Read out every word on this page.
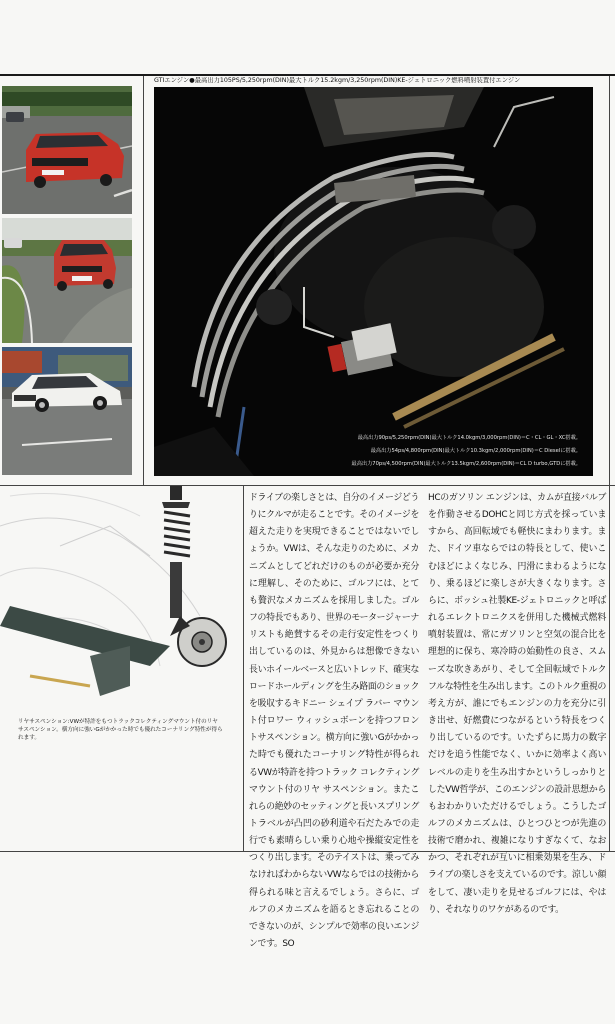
GTIエンジン●最高出力105PS/5,250rpm(DIN)最大トルク15.2kgm/3,250rpm(DIN)KE-ジェトロニック燃料噴射装置付エンジン
最高出力90ps/5,250rpm(DIN)最大トルク14.0kgm/3,000rpm(DIN)＝C・CL・GL・XC搭載。
最高出力54ps/4,800rpm(DIN)最大トルク10.3kgm/2,000rpm(DIN)＝C Dieselに搭載。
最高出力70ps/4,500rpm(DIN)最大トルク13.5kgm/2,600rpm(DIN)＝CL D turbo,GTDに搭載。
リヤサスペンション:VWが特許をもつトラックコレクティングマウント付のリヤサスペンション。横方向に強いGがかかった時でも優れたコーナリング特性が得られます。
ドライブの楽しさとは、自分のイメージどうりにクルマが走ることです。そのイメージを超えた走りを実現できることではないでしょうか。VWは、そんな走りのために、メカニズムとしてどれだけのものが必要か充分に理解し、そのために、ゴルフには、とても贅沢なメカニズムを採用しました。ゴルフの特長でもあり、世界のモータージャーナリストも絶賛するその走行安定性をつくり出しているのは、外見からは想像できない長いホイールベースと広いトレッド、確実なロードホールディングを生み路面のショックを吸収するキドニー シェイプ ラバー マウント付ロワー ウィッシュボーンを持つフロントサスペンション。横方向に強いGがかかった時でも優れたコーナリング特性が得られるVWが特許を持つトラック コレクティング マウント付のリヤ サスペンション。またこれらの絶妙のセッティングと長いスプリングトラベルが凸凹の砂利道や石だたみでの走行でも素晴らしい乗り心地や操縦安定性をつくり出します。そのテイストは、乗ってみなければわからないVWならではの技術から得られる味と言えるでしょう。さらに、ゴルフのメカニズムを語るとき忘れることのできないのが、シンプルで効率の良いエンジンです。SO
HCのガソリン エンジンは、カムが直接バルブを作動させるDOHCと同じ方式を採っていますから、高回転域でも軽快にまわります。また、ドイツ車ならではの特長として、使いこむほどによくなじみ、円滑にまわるようになり、乗るほどに楽しさが大きくなります。さらに、ボッシュ社製KE-ジェトロニックと呼ばれるエレクトロニクスを併用した機械式燃料噴射装置は、常にガソリンと空気の混合比を理想的に保ち、寒冷時の始動性の良さ、スムーズな吹きあがり、そして全回転域でトルクフルな特性を生み出します。このトルク重視の考え方が、誰にでもエンジンの力を充分に引き出せ、好燃費につながるという特長をつくり出しているのです。いたずらに馬力の数字だけを追う性能でなく、いかに効率よく高いレベルの走りを生み出すかというしっかりとしたVW哲学が、このエンジンの設計思想からもおわかりいただけるでしょう。こうしたゴルフのメカニズムは、ひとつひとつが先進の技術で磨かれ、複雑になりすぎなくて、なおかつ、それぞれが互いに相乗効果を生み、ドライブの楽しさを支えているのです。涼しい顔をして、凄い走りを見せるゴルフには、やはり、それなりのワケがあるのです。
